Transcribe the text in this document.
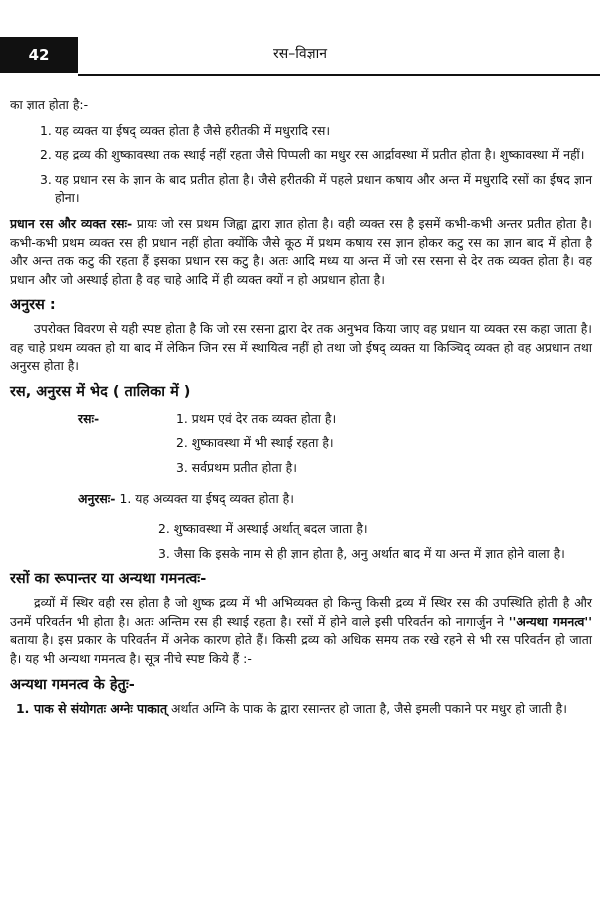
42	रस–विज्ञान

का ज्ञात होता है:-

1. यह व्यक्त या ईषद् व्यक्त होता है जैसे हरीतकी में मधुरादि रस।
2. यह द्रव्य की शुष्कावस्था तक स्थाई नहीं रहता जैसे पिप्पली का मधुर रस आर्द्रावस्था में प्रतीत होता है। शुष्कावस्था में नहीं।
3. यह प्रधान रस के ज्ञान के बाद प्रतीत होता है। जैसे हरीतकी में पहले प्रधान कषाय और अन्त में मधुरादि रसों का ईषद ज्ञान होना।

प्रधान रस और व्यक्त रसः- प्रायः जो रस प्रथम जिह्वा द्वारा ज्ञात होता है। वही व्यक्त रस है इसमें कभी-कभी अन्तर प्रतीत होता है। कभी-कभी प्रथम व्यक्त रस ही प्रधान नहीं होता क्योंकि जैसे कूठ में प्रथम कषाय रस ज्ञान होकर कटु रस का ज्ञान बाद में होता है और अन्त तक कटु की रहता हैं इसका प्रधान रस कटु है। अतः आदि मध्य या अन्त में जो रस रसना से देर तक व्यक्त होता है। वह प्रधान और जो अस्थाई होता है वह चाहे आदि में ही व्यक्त क्यों न हो अप्रधान होता है।

अनुरस :

उपरोक्त विवरण से यही स्पष्ट होता है कि जो रस रसना द्वारा देर तक अनुभव किया जाए वह प्रधान या व्यक्त रस कहा जाता है। वह चाहे प्रथम व्यक्त हो या बाद में लेकिन जिन रस में स्थायित्व नहीं हो तथा जो ईषद् व्यक्त या किञ्चिद् व्यक्त हो वह अप्रधान तथा अनुरस होता है।

रस, अनुरस में भेद ( तालिका में )
रसः-	1. प्रथम एवं देर तक व्यक्त होता है।
2. शुष्कावस्था में भी स्थाई रहता है।
3. सर्वप्रथम प्रतीत होता है।
अनुरसः- 1. यह अव्यक्त या ईषद् व्यक्त होता है।
2. शुष्कावस्था में अस्थाई अर्थात् बदल जाता है।
3. जैसा कि इसके नाम से ही ज्ञान होता है, अनु अर्थात बाद में या अन्त में ज्ञात होने वाला है।
रसों का रूपान्तर या अन्यथा गमनत्वः-

द्रव्यों में स्थिर वही रस होता है जो शुष्क द्रव्य में भी अभिव्यक्त हो किन्तु किसी द्रव्य में स्थिर रस की उपस्थिति होती है और उनमें परिवर्तन भी होता है। अतः अन्तिम रस ही स्थाई रहता है। रसों में होने वाले इसी परिवर्तन को नागार्जुन ने ''अन्यथा गमनत्व'' बताया है। इस प्रकार के परिवर्तन में अनेक कारण होते हैं। किसी द्रव्य को अधिक समय तक रखे रहने से भी रस परिवर्तन हो जाता है। यह भी अन्यथा गमनत्व है। सूत्र नीचे स्पष्ट किये हैं :-

अन्यथा गमनत्व के हेतुः-
1. पाक से संयोगतः अग्नेः पाकात् अर्थात अग्नि के पाक के द्वारा रसान्तर हो जाता है, जैसे इमली पकाने पर मधुर हो जाती है।
